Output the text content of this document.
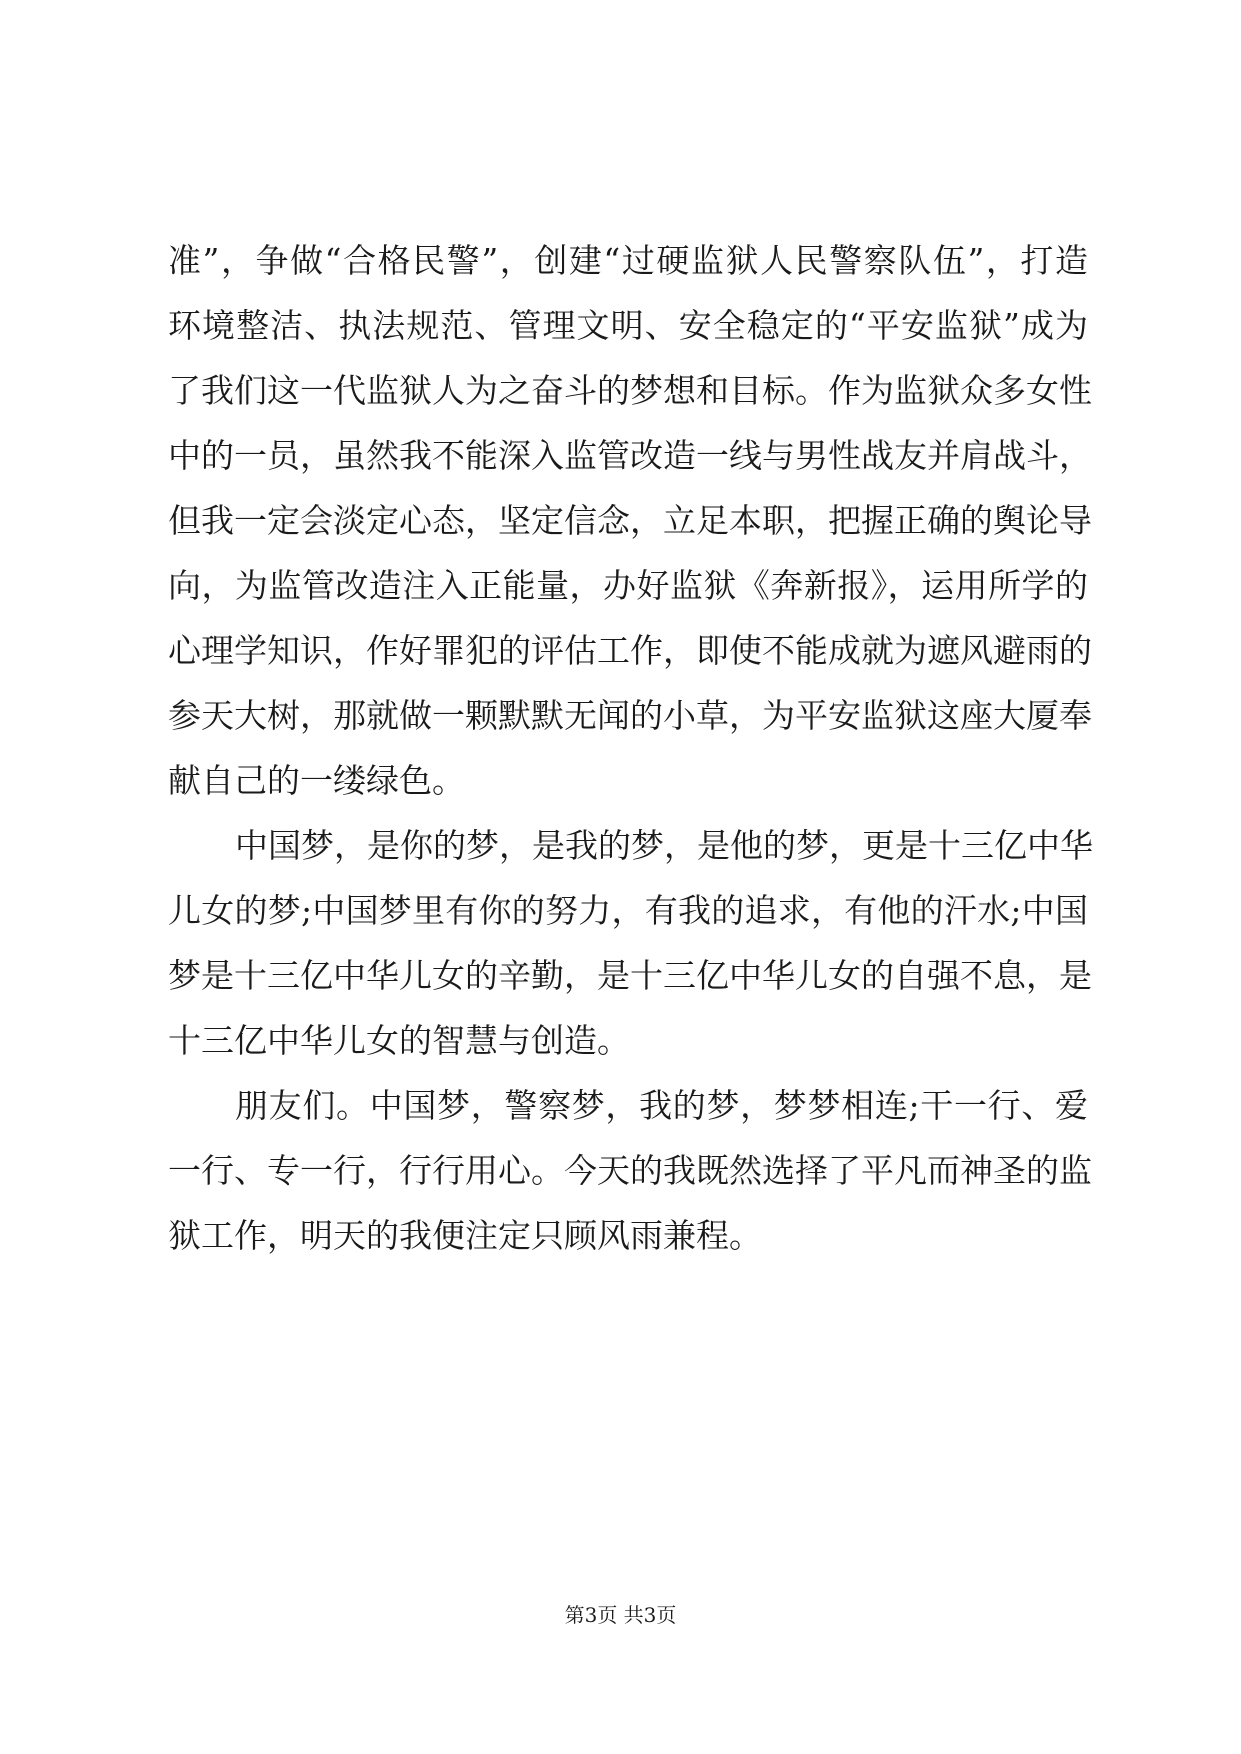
准”，争做“合格民警”，创建“过硬监狱人民警察队伍”，打造
环境整洁、执法规范、管理文明、安全稳定的“平安监狱”成为
了我们这一代监狱人为之奋斗的梦想和目标。作为监狱众多女性
中的一员，虽然我不能深入监管改造一线与男性战友并肩战斗，
但我一定会淡定心态，坚定信念，立足本职，把握正确的舆论导
向，为监管改造注入正能量，办好监狱《奔新报》，运用所学的
心理学知识，作好罪犯的评估工作，即使不能成就为遮风避雨的
参天大树，那就做一颗默默无闻的小草，为平安监狱这座大厦奉
献自己的一缕绿色。
中国梦，是你的梦，是我的梦，是他的梦，更是十三亿中华
儿女的梦;中国梦里有你的努力，有我的追求，有他的汗水;中国
梦是十三亿中华儿女的辛勤，是十三亿中华儿女的自强不息，是
十三亿中华儿女的智慧与创造。
朋友们。中国梦，警察梦，我的梦，梦梦相连;干一行、爱
一行、专一行，行行用心。今天的我既然选择了平凡而神圣的监
狱工作，明天的我便注定只顾风雨兼程。
第3页 共3页
